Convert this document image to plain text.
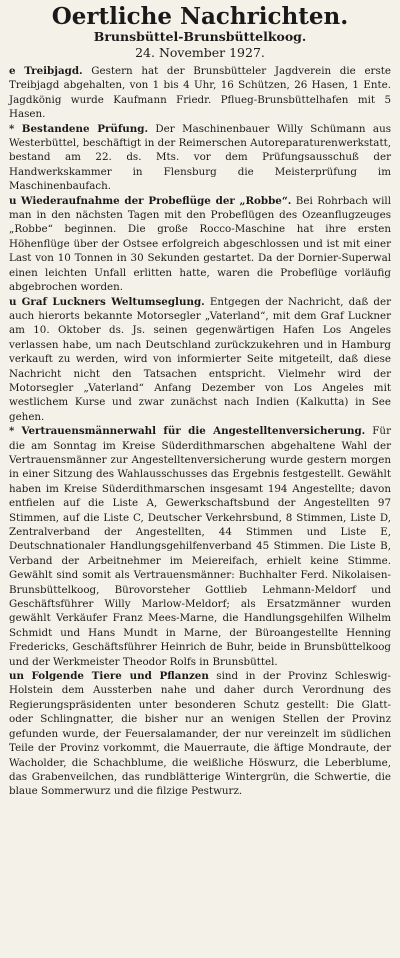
Oertliche Nachrichten.
Brunsbüttel-Brunsbüttelkoog.
24. November 1927.

e Treibjagd. Gestern hat der Brunsbütteler Jagdverein die erste Treibjagd abgehalten, von 1 bis 4 Uhr, 16 Schützen, 26 Hasen, 1 Ente. Jagdkönig wurde Kaufmann Friedr. Pflueg-Brunsbüttelhafen mit 5 Hasen.

* Bestandene Prüfung. Der Maschinenbauer Willy Schümann aus Westerbüttel, beschäftigt in der Reimerschen Autoreparaturenwerkstatt, bestand am 22. ds. Mts. vor dem Prüfungsausschuß der Handwerkskammer in Flensburg die Meisterprüfung im Maschinenbaufach.

u Wiederaufnahme der Probeflüge der „Robbe“. Bei Rohrbach will man in den nächsten Tagen mit den Probeflügen des Ozeanflugzeuges „Robbe“ beginnen. Die große Rocco-Maschine hat ihre ersten Höhenflüge über der Ostsee erfolgreich abgeschlossen und ist mit einer Last von 10 Tonnen in 30 Sekunden gestartet. Da der Dornier-Superwal einen leichten Unfall erlitten hatte, waren die Probeflüge vorläufig abgebrochen worden.

u Graf Luckners Weltumseglung. Entgegen der Nachricht, daß der auch hierorts bekannte Motorsegler „Vaterland“, mit dem Graf Luckner am 10. Oktober ds. Js. seinen gegenwärtigen Hafen Los Angeles verlassen habe, um nach Deutschland zurückzukehren und in Hamburg verkauft zu werden, wird von informierter Seite mitgeteilt, daß diese Nachricht nicht den Tatsachen entspricht. Vielmehr wird der Motorsegler „Vaterland“ Anfang Dezember von Los Angeles mit westlichem Kurse und zwar zunächst nach Indien (Kalkutta) in See gehen.

* Vertrauensmännerwahl für die Angestelltenversicherung. Für die am Sonntag im Kreise Süderdithmarschen abgehaltene Wahl der Vertrauensmänner zur Angestelltenversicherung wurde gestern morgen in einer Sitzung des Wahlausschusses das Ergebnis festgestellt. Gewählt haben im Kreise Süderdithmarschen insgesamt 194 Angestellte; davon entfielen auf die Liste A, Gewerkschaftsbund der Angestellten 97 Stimmen, auf die Liste C, Deutscher Verkehrsbund, 8 Stimmen, Liste D, Zentralverband der Angestellten, 44 Stimmen und Liste E, Deutschnationaler Handlungsgehilfenverband 45 Stimmen. Die Liste B, Verband der Arbeitnehmer im Meiereifach, erhielt keine Stimme. Gewählt sind somit als Vertrauensmänner: Buchhalter Ferd. Nikolaisen-Brunsbüttelkoog, Bürovorsteher Gottlieb Lehmann-Meldorf und Geschäftsführer Willy Marlow-Meldorf; als Ersatzmänner wurden gewählt Verkäufer Franz Mees-Marne, die Handlungsgehilfen Wilhelm Schmidt und Hans Mundt in Marne, der Büroangestellte Henning Fredericks, Geschäftsführer Heinrich de Buhr, beide in Brunsbüttelkoog und der Werkmeister Theodor Rolfs in Brunsbüttel.

un Folgende Tiere und Pflanzen sind in der Provinz Schleswig-Holstein dem Aussterben nahe und daher durch Verordnung des Regierungspräsidenten unter besonderen Schutz gestellt: Die Glatt- oder Schlingnatter, die bisher nur an wenigen Stellen der Provinz gefunden wurde, der Feuersalamander, der nur vereinzelt im südlichen Teile der Provinz vorkommt, die Mauerraute, die äftige Mondraute, der Wacholder, die Schachblume, die weißliche Höswurz, die Leberblume, das Grabenveilchen, das rundblätterige Wintergrün, die Schwertie, die blaue Sommerwurz und die filzige Pestwurz.
